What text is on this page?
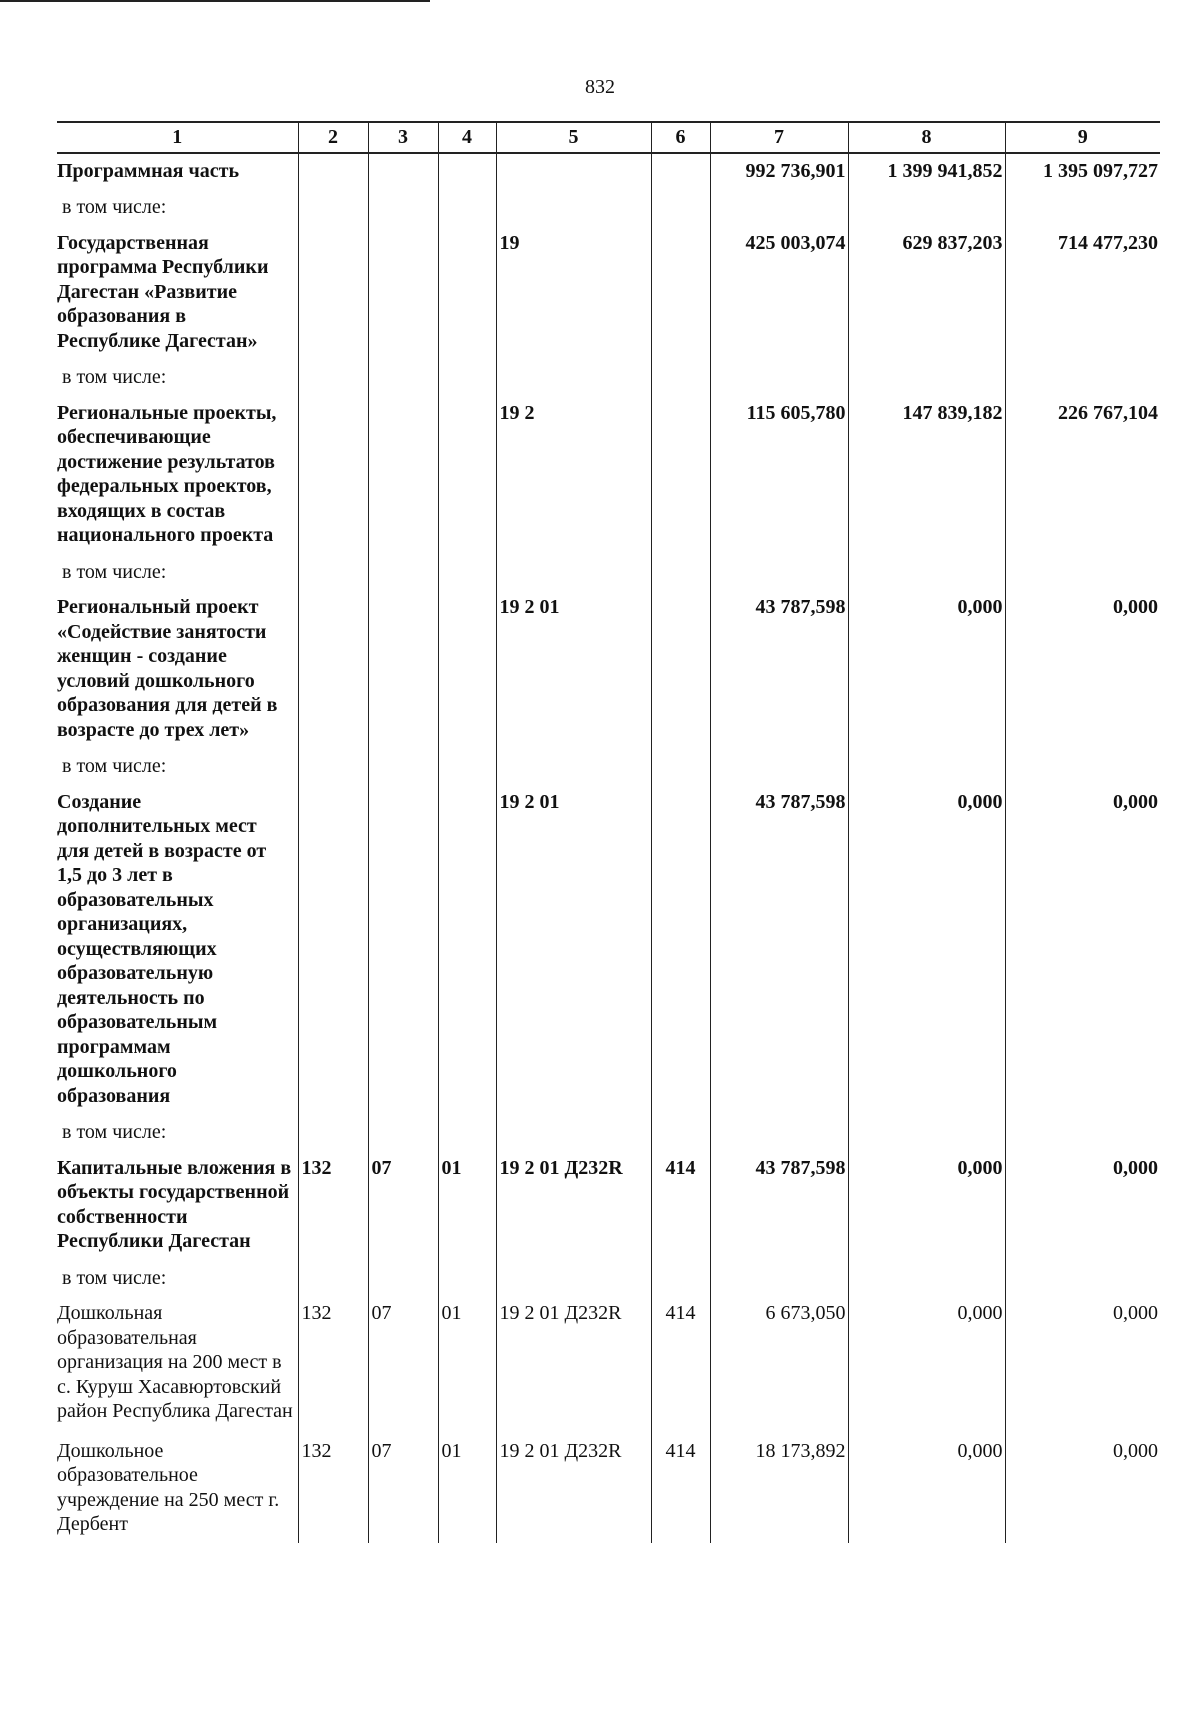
832
1	2	3	4	5	6	7	8	9
Программная часть						992 736,901	1 399 941,852	1 395 097,727
в том числе:								
Государственная программа Республики Дагестан «Развитие образования в Республике Дагестан»				19		425 003,074	629 837,203	714 477,230
в том числе:								
Региональные проекты, обеспечивающие достижение результатов федеральных проектов, входящих в состав национального проекта				19 2		115 605,780	147 839,182	226 767,104
в том числе:								
Региональный проект «Содействие занятости женщин - создание условий дошкольного образования для детей в возрасте до трех лет»				19 2 01		43 787,598	0,000	0,000
в том числе:								
Создание дополнительных мест для детей в возрасте от 1,5 до 3 лет в образовательных организациях, осуществляющих образовательную деятельность по образовательным программам дошкольного образования				19 2 01		43 787,598	0,000	0,000
в том числе:								
Капитальные вложения в объекты государственной собственности Республики Дагестан	132	07	01	19 2 01 Д232R	414	43 787,598	0,000	0,000
в том числе:								
Дошкольная образовательная организация на 200 мест в с. Куруш Хасавюртовский район Республика Дагестан	132	07	01	19 2 01 Д232R	414	6 673,050	0,000	0,000
Дошкольное образовательное учреждение на 250 мест г. Дербент	132	07	01	19 2 01 Д232R	414	18 173,892	0,000	0,000
